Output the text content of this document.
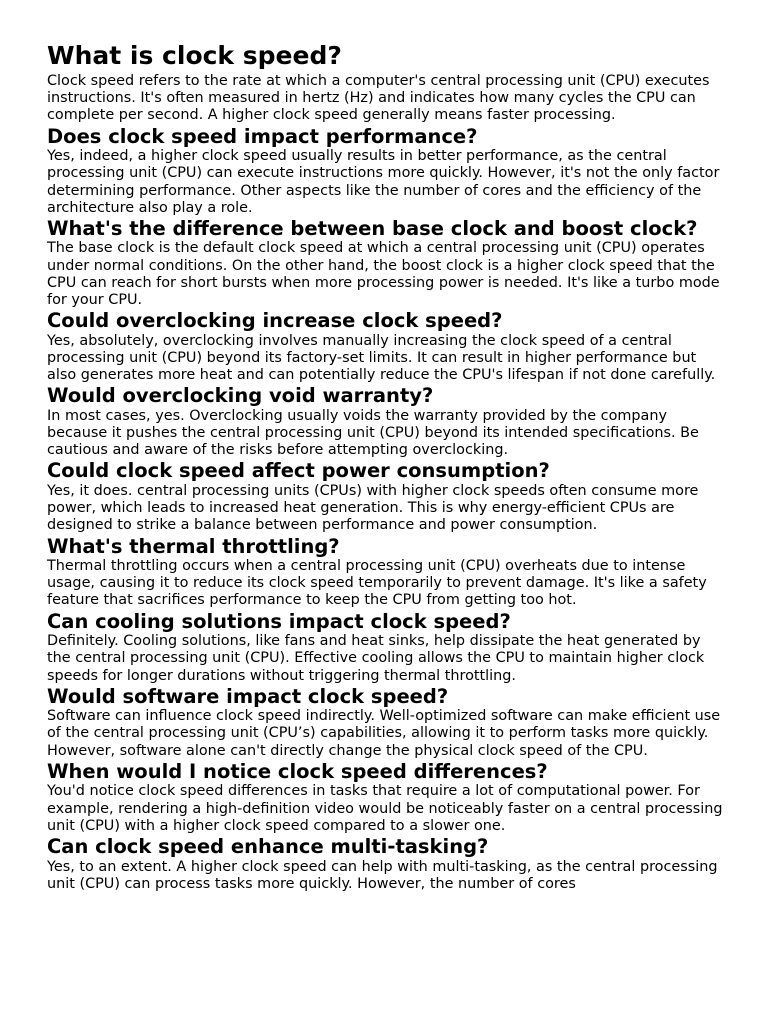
What is clock speed?

Clock speed refers to the rate at which a computer's central processing unit (CPU) executes instructions. It's often measured in hertz (Hz) and indicates how many cycles the CPU can complete per second. A higher clock speed generally means faster processing.

Does clock speed impact performance?

Yes, indeed, a higher clock speed usually results in better performance, as the central processing unit (CPU) can execute instructions more quickly. However, it's not the only factor determining performance. Other aspects like the number of cores and the efficiency of the architecture also play a role.

What's the difference between base clock and boost clock?

The base clock is the default clock speed at which a central processing unit (CPU) operates under normal conditions. On the other hand, the boost clock is a higher clock speed that the CPU can reach for short bursts when more processing power is needed. It's like a turbo mode for your CPU.

Could overclocking increase clock speed?

Yes, absolutely, overclocking involves manually increasing the clock speed of a central processing unit (CPU) beyond its factory-set limits. It can result in higher performance but also generates more heat and can potentially reduce the CPU's lifespan if not done carefully.

Would overclocking void warranty?

In most cases, yes. Overclocking usually voids the warranty provided by the company because it pushes the central processing unit (CPU) beyond its intended specifications. Be cautious and aware of the risks before attempting overclocking.

Could clock speed affect power consumption?

Yes, it does. central processing units (CPUs) with higher clock speeds often consume more power, which leads to increased heat generation. This is why energy-efficient CPUs are designed to strike a balance between performance and power consumption.

What's thermal throttling?

Thermal throttling occurs when a central processing unit (CPU) overheats due to intense usage, causing it to reduce its clock speed temporarily to prevent damage. It's like a safety feature that sacrifices performance to keep the CPU from getting too hot.

Can cooling solutions impact clock speed?

Definitely. Cooling solutions, like fans and heat sinks, help dissipate the heat generated by the central processing unit (CPU). Effective cooling allows the CPU to maintain higher clock speeds for longer durations without triggering thermal throttling.

Would software impact clock speed?

Software can influence clock speed indirectly. Well-optimized software can make efficient use of the central processing unit (CPU’s) capabilities, allowing it to perform tasks more quickly. However, software alone can't directly change the physical clock speed of the CPU.

When would I notice clock speed differences?

You'd notice clock speed differences in tasks that require a lot of computational power. For example, rendering a high-definition video would be noticeably faster on a central processing unit (CPU) with a higher clock speed compared to a slower one.

Can clock speed enhance multi-tasking?

Yes, to an extent. A higher clock speed can help with multi-tasking, as the central processing unit (CPU) can process tasks more quickly. However, the number of cores
